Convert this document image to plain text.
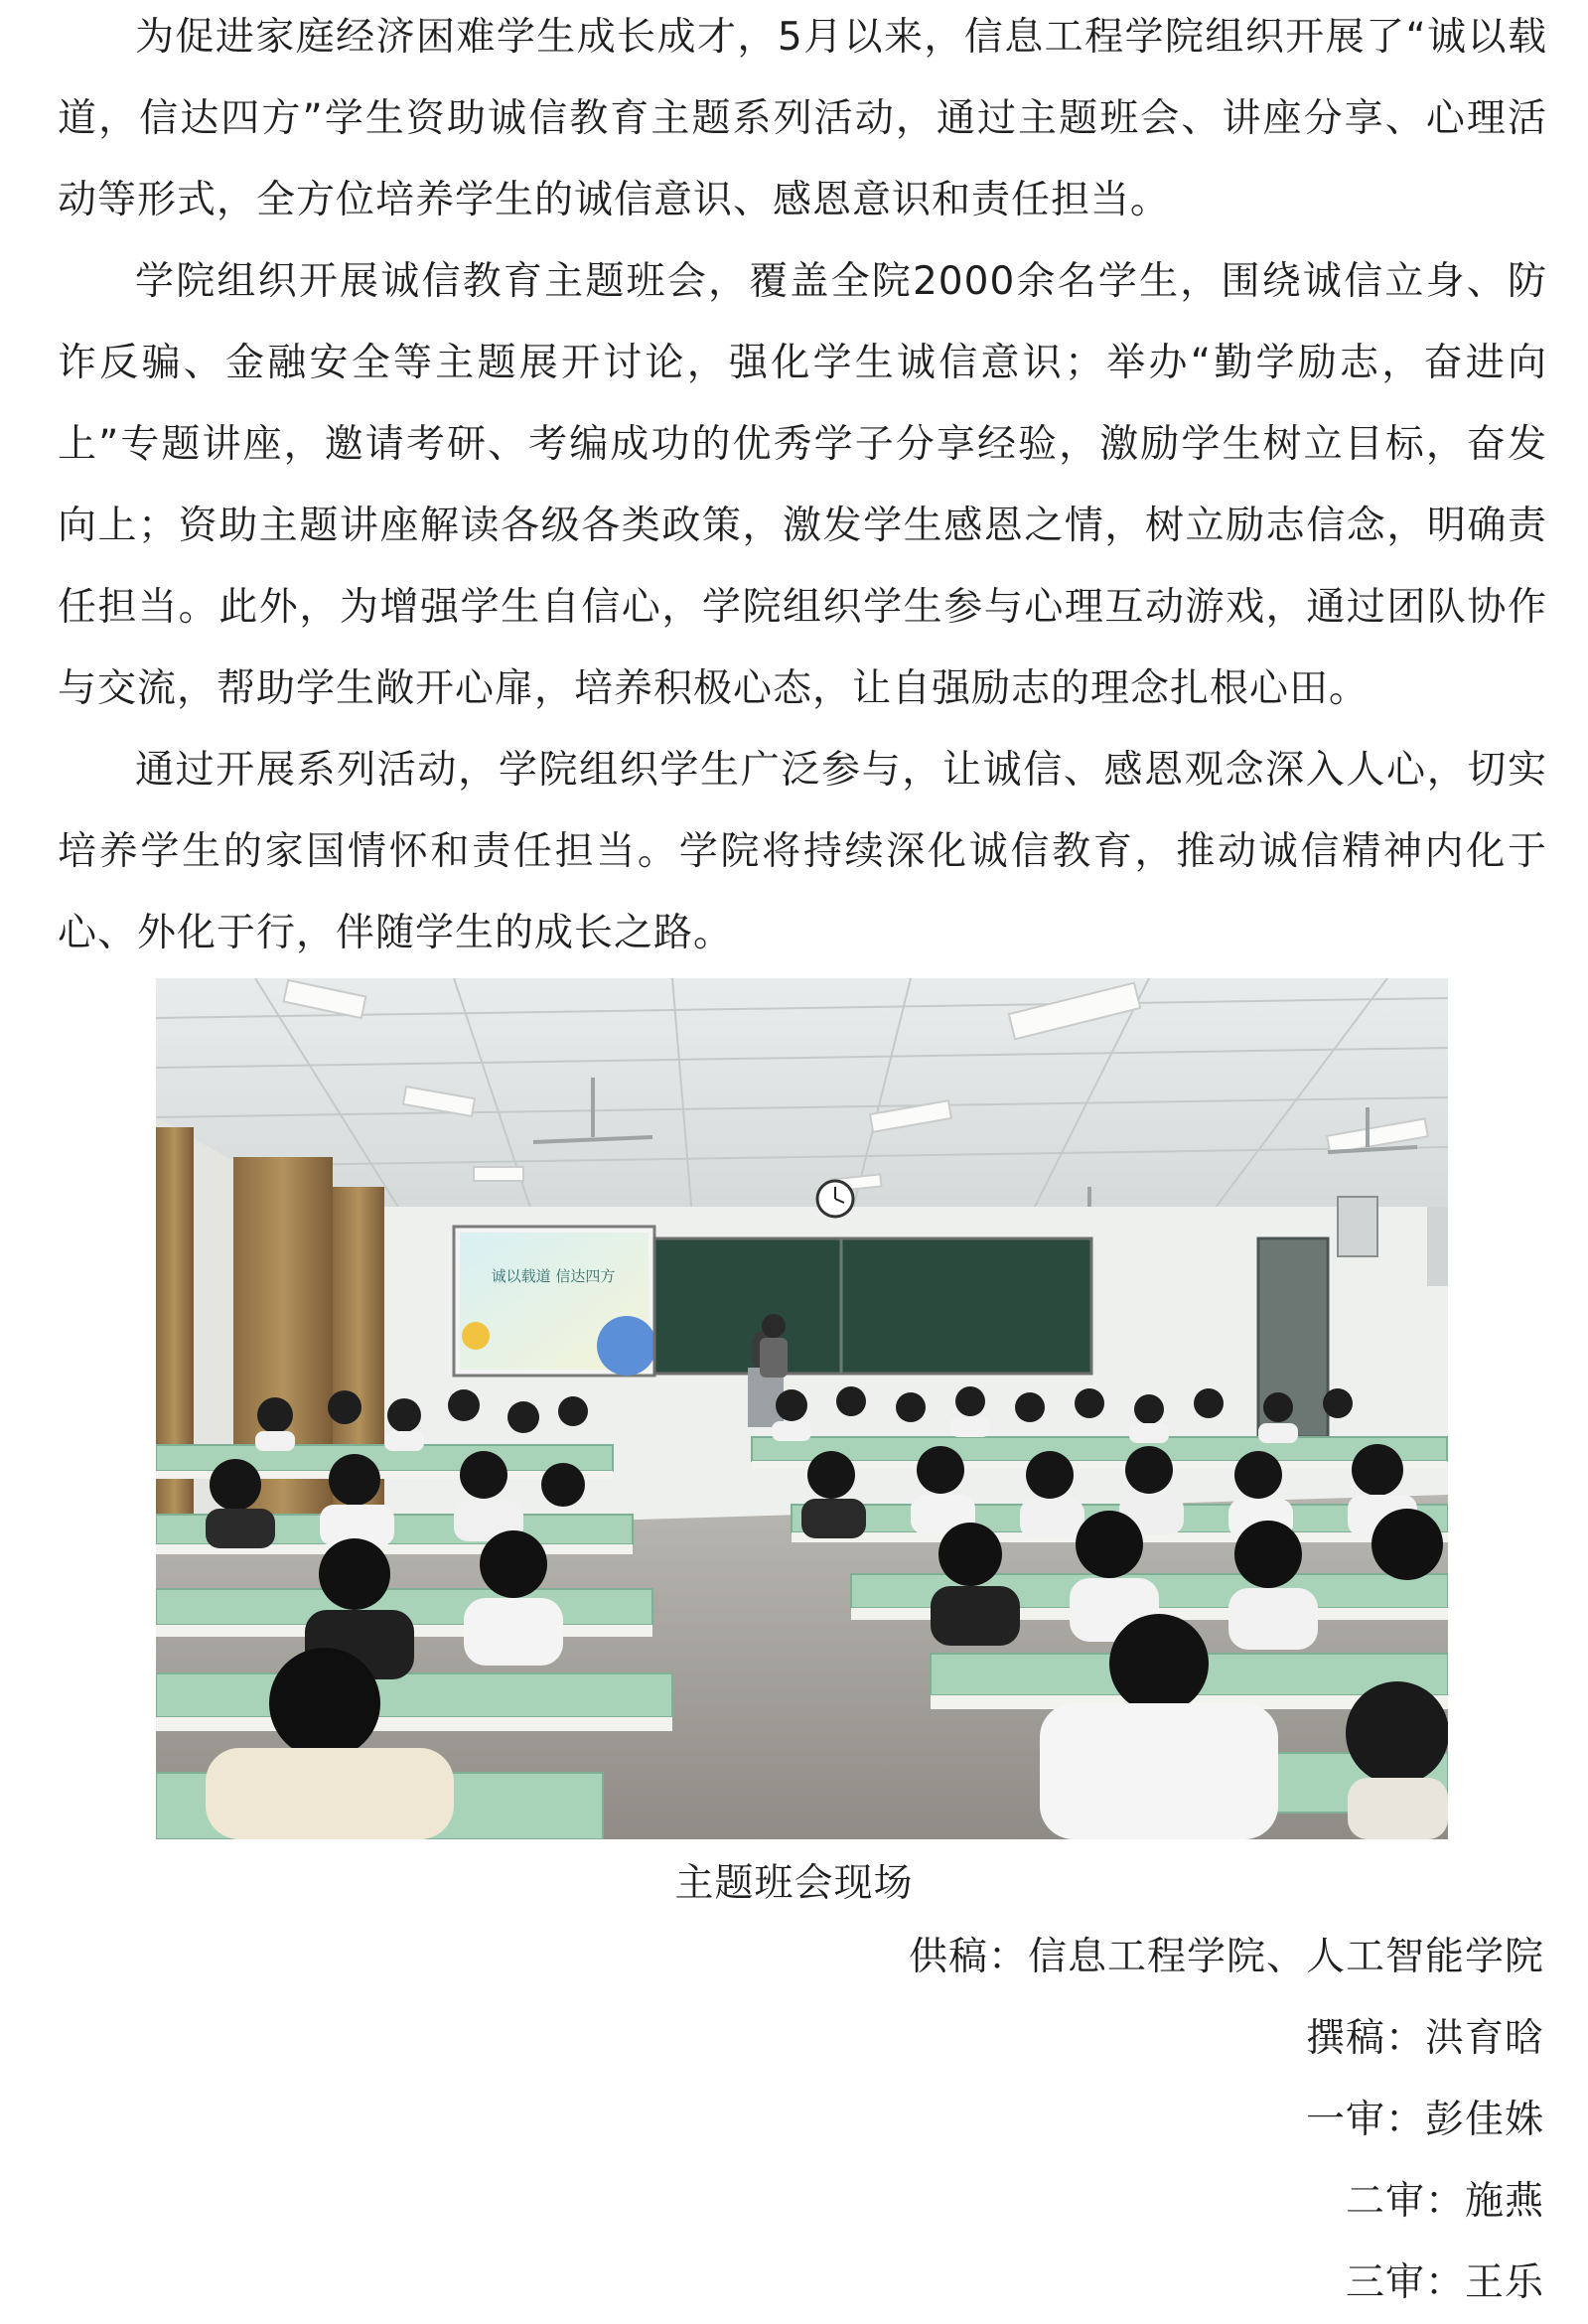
为促进家庭经济困难学生成长成才，5月以来，信息工程学院组织开展了“诚以载道，信达四方”学生资助诚信教育主题系列活动，通过主题班会、讲座分享、心理活动等形式，全方位培养学生的诚信意识、感恩意识和责任担当。

学院组织开展诚信教育主题班会，覆盖全院2000余名学生，围绕诚信立身、防诈反骗、金融安全等主题展开讨论，强化学生诚信意识；举办“勤学励志，奋进向上”专题讲座，邀请考研、考编成功的优秀学子分享经验，激励学生树立目标，奋发向上；资助主题讲座解读各级各类政策，激发学生感恩之情，树立励志信念，明确责任担当。此外，为增强学生自信心，学院组织学生参与心理互动游戏，通过团队协作与交流，帮助学生敞开心扉，培养积极心态，让自强励志的理念扎根心田。

通过开展系列活动，学院组织学生广泛参与，让诚信、感恩观念深入人心，切实培养学生的家国情怀和责任担当。学院将持续深化诚信教育，推动诚信精神内化于心、外化于行，伴随学生的成长之路。

诚以载道 信达四方
主题班会现场
供稿：信息工程学院、人工智能学院
撰稿：洪育晗
一审：彭佳姝
二审：施燕
三审：王乐
